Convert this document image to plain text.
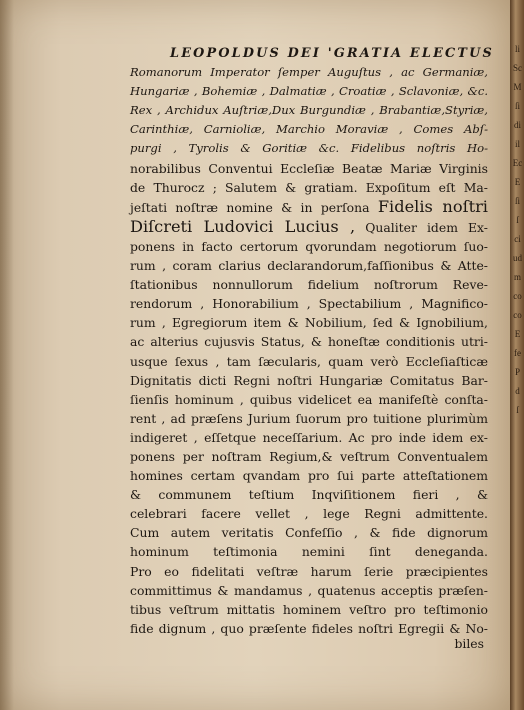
LEOPOLDUS DEI 'GRATIA ELECTUS
Romanorum Imperator ſemper Auguſtus , ac Germaniæ,
Hungariæ , Bohemiæ , Dalmatiæ , Croatiæ , Sclavoniæ, &c.
Rex , Archidux Auſtriæ,Dux Burgundiæ , Brabantiæ,Styriæ,
Carinthiæ, Carnioliæ, Marchio Moraviæ , Comes Abſ-
purgi , Tyrolis & Goritiæ &c. Fidelibus noſtris Ho-
norabilibus Conventui Eccleſiæ Beatæ Mariæ Virginis
de Thurocz ; Salutem & gratiam. Expoſitum eſt Ma-
jeſtati noſtræ nomine & in perſona Fidelis noſtri
Diſcreti Ludovici Lucius , Qualiter idem Ex-
ponens in facto certorum qvorundam negotiorum ſuo-
rum , coram clarius declarandorum,faſſionibus & Atte-
ſtationibus nonnullorum fidelium noſtrorum Reve-
rendorum , Honorabilium , Spectabilium , Magnifico-
rum , Egregiorum item & Nobilium, ſed & Ignobilium,
ac alterius cujusvis Status, & honeſtæ conditionis utri-
usque ſexus , tam ſæcularis, quam verò Eccleſiaſticæ
Dignitatis dicti Regni noſtri Hungariæ Comitatus Bar-
ſienſis hominum , quibus videlicet ea manifeſtè conſta-
rent , ad præſens Jurium ſuorum pro tuitione plurimùm
indigeret , eſſetque neceſſarium. Ac pro inde idem ex-
ponens per noſtram Regium,& veſtrum Conventualem
homines certam qvandam pro ſui parte atteſtationem
& communem teſtium Inqviſitionem fieri , &
celebrari facere vellet , lege Regni admittente.
Cum autem veritatis Confeſſio , & fide dignorum
hominum teſtimonia nemini ſint deneganda.
Pro eo fidelitati veſtræ harum ſerie præcipientes
committimus & mandamus , quatenus acceptis præſen-
tibus veſtrum mittatis hominem veſtro pro teſtimonio
fide dignum , quo præſente fideles noſtri Egregii & No-
biles
li
Sc
M
ſi
di
il
Ec
E
ſi
ſ
ci
ud
m
co
co
E
fe
P
d
ſ
